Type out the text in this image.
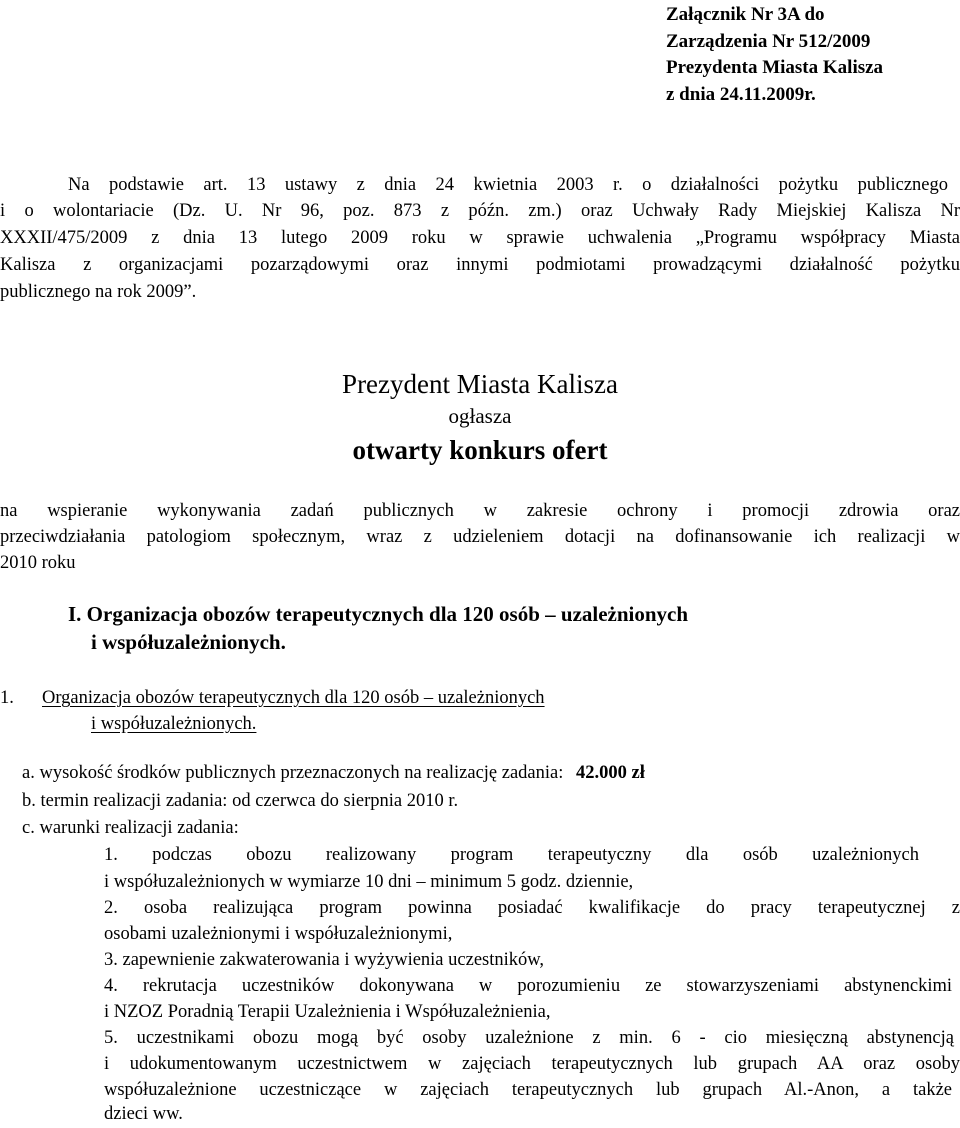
Załącznik Nr 3A do
Zarządzenia Nr 512/2009
Prezydenta Miasta Kalisza
z dnia 24.11.2009r.
Na podstawie art. 13 ustawy z dnia 24 kwietnia 2003 r. o działalności pożytku publicznego
i o wolontariacie (Dz. U. Nr 96, poz. 873 z późn. zm.) oraz Uchwały Rady Miejskiej Kalisza Nr
XXXII/475/2009 z dnia 13 lutego 2009 roku w sprawie uchwalenia „Programu współpracy Miasta
Kalisza z organizacjami pozarządowymi oraz innymi podmiotami prowadzącymi działalność pożytku
publicznego na rok 2009”.
Prezydent Miasta Kalisza
ogłasza
otwarty konkurs ofert
na wspieranie wykonywania zadań publicznych w zakresie ochrony i promocji zdrowia oraz
przeciwdziałania patologiom społecznym, wraz z udzieleniem dotacji na dofinansowanie ich realizacji w
2010 roku
I. Organizacja obozów terapeutycznych dla 120 osób – uzależnionych
i współuzależnionych.
1. Organizacja obozów terapeutycznych dla 120 osób – uzależnionych
i współuzależnionych.
a. wysokość środków publicznych przeznaczonych na realizację zadania: 42.000 zł
b. termin realizacji zadania: od czerwca do sierpnia 2010 r.
c. warunki realizacji zadania:
1. podczas obozu realizowany program terapeutyczny dla osób uzależnionych
i współuzależnionych w wymiarze 10 dni – minimum 5 godz. dziennie,
2. osoba realizująca program powinna posiadać kwalifikacje do pracy terapeutycznej z
osobami uzależnionymi i współuzależnionymi,
3. zapewnienie zakwaterowania i wyżywienia uczestników,
4. rekrutacja uczestników dokonywana w porozumieniu ze stowarzyszeniami abstynenckimi
i NZOZ Poradnią Terapii Uzależnienia i Współuzależnienia,
5. uczestnikami obozu mogą być osoby uzależnione z min. 6 - cio miesięczną abstynencją
i udokumentowanym uczestnictwem w zajęciach terapeutycznych lub grupach AA oraz osoby
współuzależnione uczestniczące w zajęciach terapeutycznych lub grupach Al.-Anon, a także
dzieci ww.
